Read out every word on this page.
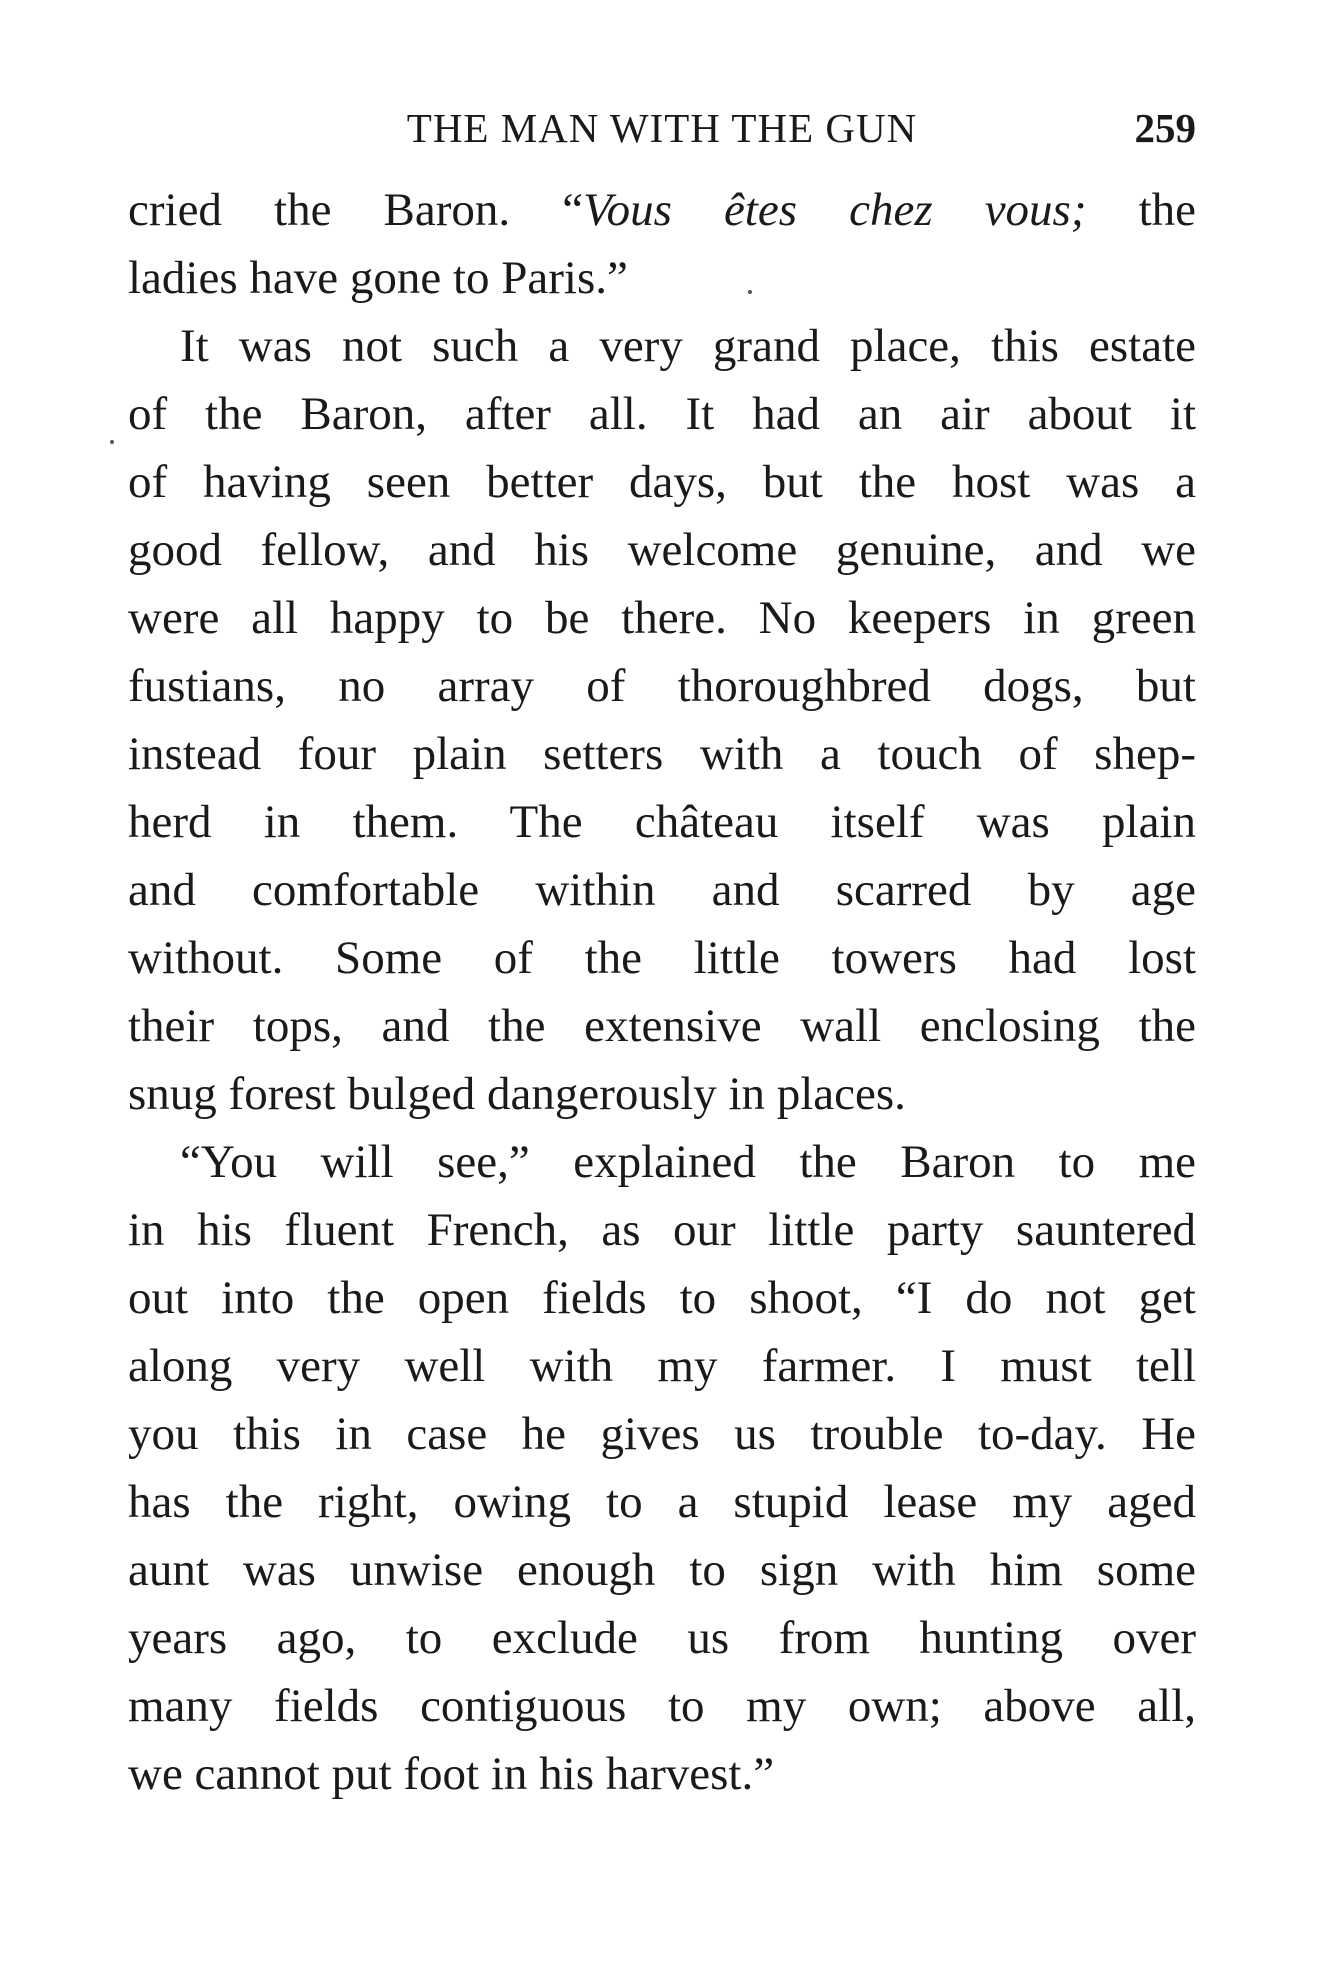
THE MAN WITH THE GUN	259
cried the Baron. “Vous êtes chez vous; the
ladies have gone to Paris.”
It was not such a very grand place, this estate
of the Baron, after all. It had an air about it
of having seen better days, but the host was a
good fellow, and his welcome genuine, and we
were all happy to be there. No keepers in green
fustians, no array of thoroughbred dogs, but
instead four plain setters with a touch of shep-
herd in them. The château itself was plain
and comfortable within and scarred by age
without. Some of the little towers had lost
their tops, and the extensive wall enclosing the
snug forest bulged dangerously in places.
“You will see,” explained the Baron to me
in his fluent French, as our little party sauntered
out into the open fields to shoot, “I do not get
along very well with my farmer. I must tell
you this in case he gives us trouble to-day. He
has the right, owing to a stupid lease my aged
aunt was unwise enough to sign with him some
years ago, to exclude us from hunting over
many fields contiguous to my own; above all,
we cannot put foot in his harvest.”
